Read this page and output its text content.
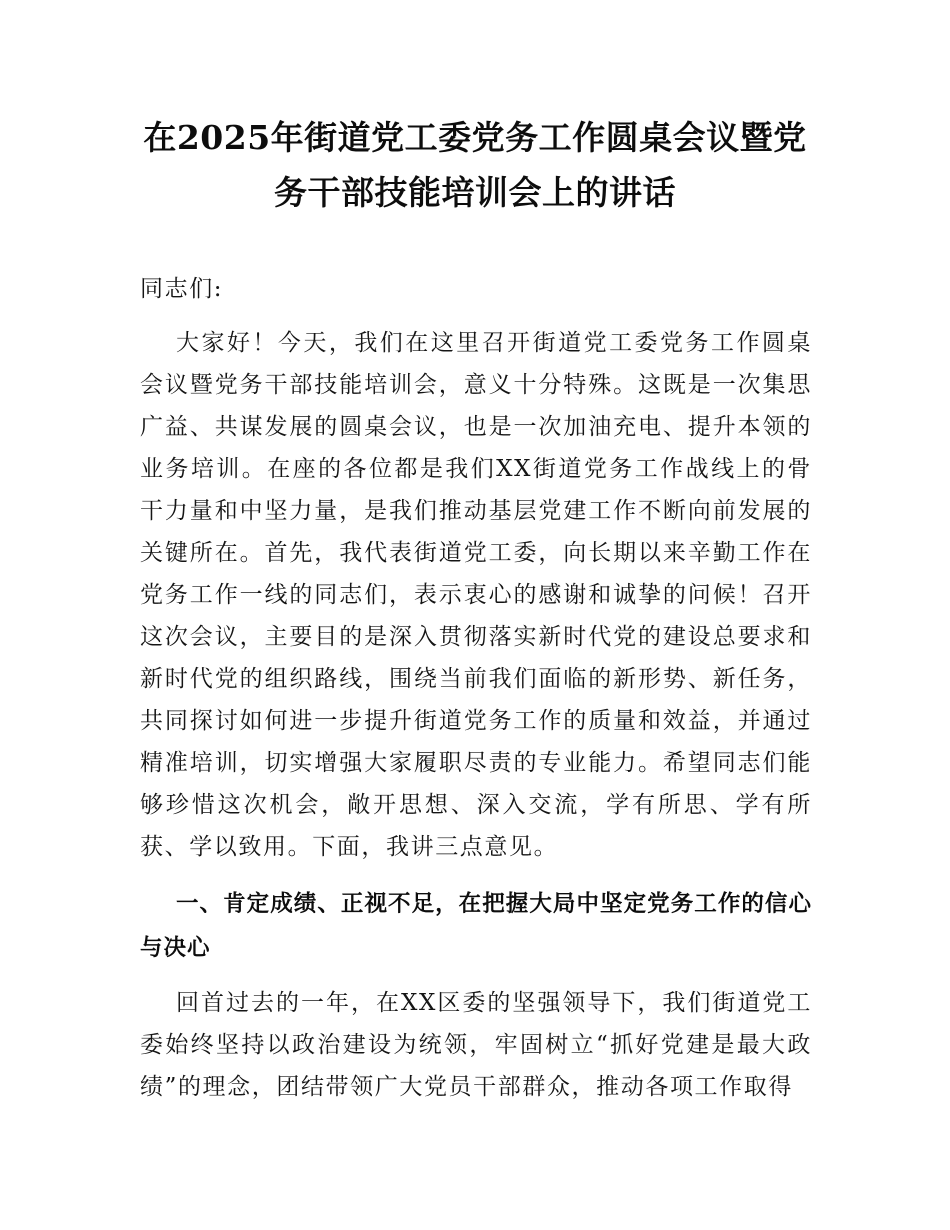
在2025年街道党工委党务工作圆桌会议暨党
务干部技能培训会上的讲话

同志们:

大家好！今天，我们在这里召开街道党工委党务工作圆桌会议暨党务干部技能培训会，意义十分特殊。这既是一次集思广益、共谋发展的圆桌会议，也是一次加油充电、提升本领的业务培训。在座的各位都是我们XX街道党务工作战线上的骨干力量和中坚力量，是我们推动基层党建工作不断向前发展的关键所在。首先，我代表街道党工委，向长期以来辛勤工作在党务工作一线的同志们，表示衷心的感谢和诚挚的问候！召开这次会议，主要目的是深入贯彻落实新时代党的建设总要求和新时代党的组织路线，围绕当前我们面临的新形势、新任务，共同探讨如何进一步提升街道党务工作的质量和效益，并通过精准培训，切实增强大家履职尽责的专业能力。希望同志们能够珍惜这次机会，敞开思想、深入交流，学有所思、学有所获、学以致用。下面，我讲三点意见。

一、肯定成绩、正视不足，在把握大局中坚定党务工作的信心与决心

回首过去的一年，在XX区委的坚强领导下，我们街道党工委始终坚持以政治建设为统领，牢固树立“抓好党建是最大政绩”的理念，团结带领广大党员干部群众，推动各项工作取得
